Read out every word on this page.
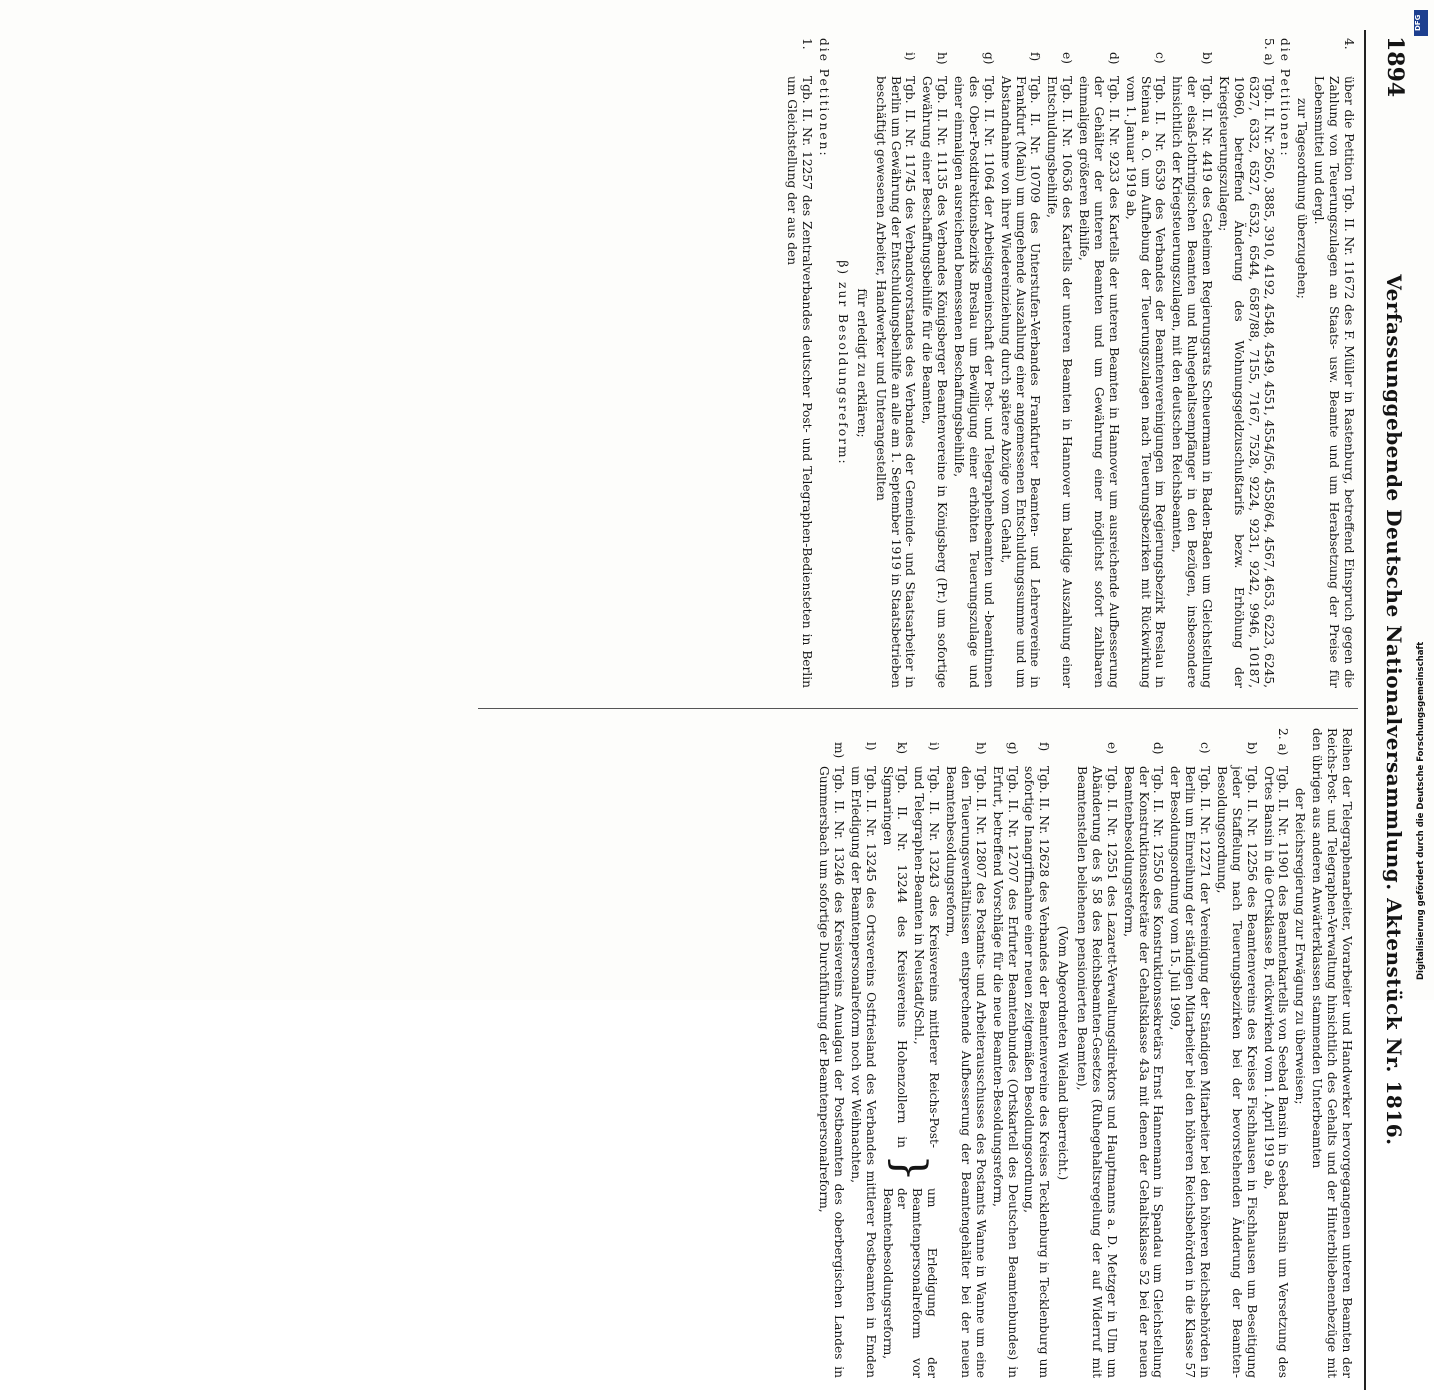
1894
Verfassunggebende Deutsche Nationalversammlung. Aktenstück Nr. 1816.
4.
über die Petition Tgb. II. Nr. 11672 des F. Müller in Rastenburg, betreffend Einspruch gegen die Zahlung von Teuerungszulagen an Staats- usw. Beamte und um Herabsetzung der Preise für Lebensmittel und dergl.
zur Tagesordnung überzugehen;
die Petitionen:
5. a)
Tgb. II. Nr. 2650, 3885, 3910, 4192, 4548, 4549, 4551, 4554/56, 4558/64, 4567, 4653, 6223, 6245, 6327, 6332, 6527, 6532, 6544, 6587/88, 7155, 7167, 7528, 9224, 9231, 9242, 9946, 10187, 10960, betreffend Änderung des Wohnungsgeldzuschußtarifs bezw. Erhöhung der Kriegsteuerungszulagen;
b)
Tgb. II. Nr. 4419 des Geheimen Regierungsrats Scheuermann in Baden-Baden um Gleichstellung der elsaß-lothringischen Beamten und Ruhegehaltsempfänger in den Bezügen, insbesondere hinsichtlich der Kriegsteuerungszulagen, mit den deutschen Reichsbeamten,
c)
Tgb. II. Nr. 6539 des Verbandes der Beamtenvereinigungen im Regierungsbezirk Breslau in Steinau a. O. um Aufhebung der Teuerungszulagen nach Teuerungsbezirken mit Rückwirkung vom 1. Januar 1919 ab,
d)
Tgb. II. Nr. 9233 des Kartells der unteren Beamten in Hannover um ausreichende Aufbesserung der Gehälter der unteren Beamten und um Gewährung einer möglichst sofort zahlbaren einmaligen größeren Beihilfe,
e)
Tgb. II. Nr. 10636 des Kartells der unteren Beamten in Hannover um baldige Auszahlung einer Entschuldungsbeihilfe,
f)
Tgb. II. Nr. 10709 des Unterstufen-Verbandes Frankfurter Beamten- und Lehrervereine in Frankfurt (Main) um umgehende Auszahlung einer angemessenen Entschuldungssumme und um Abstandnahme von ihrer Wiedereinziehung durch spätere Abzüge vom Gehalt,
g)
Tgb. II. Nr. 11064 der Arbeitsgemeinschaft der Post- und Telegraphenbeamten und -beamtinnen des Ober-Postdirektionsbezirks Breslau um Bewilligung einer erhöhten Teuerungszulage und einer einmaligen ausreichend bemessenen Beschaffungsbeihilfe,
h)
Tgb. II. Nr. 11135 des Verbandes Königsberger Beamtenvereine in Königsberg (Pr.) um sofortige Gewährung einer Beschaffungsbeihilfe für die Beamten,
i)
Tgb. II. Nr. 11745 des Verbandsvorstandes des Verbandes der Gemeinde- und Staatsarbeiter in Berlin um Gewährung der Entschuldungsbeihilfe an alle am 1. September 1919 in Staatsbetrieben beschäftigt gewesenen Arbeiter, Handwerker und Unterangestellten
für erledigt zu erklären;
β) zur Besoldungsreform:
die Petitionen:
1.
Tgb. II. Nr. 12257 des Zentralverbandes deutscher Post- und Telegraphen-Bediensteten in Berlin um Gleichstellung der aus den
Reihen der Telegraphenarbeiter, Vorarbeiter und Handwerker hervorgegangenen unteren Beamten der Reichs-Post- und Telegraphen-Verwaltung hinsichtlich des Gehalts und der Hinterbliebenenbezüge mit den übrigen aus anderen Anwärterklassen stammenden Unterbeamten
der Reichsregierung zur Erwägung zu überweisen;
2. a)
Tgb. II. Nr. 11901 des Beamtenkartells von Seebad Bansin in Seebad Bansin um Versetzung des Ortes Bansin in die Ortsklasse B, rückwirkend vom 1. April 1919 ab,
b)
Tgb. II. Nr. 12256 des Beamtenvereins des Kreises Fischhausen in Fischhausen um Beseitigung jeder Staffelung nach Teuerungsbezirken bei der bevorstehenden Änderung der Beamten-Besoldungsordnung,
c)
Tgb. II. Nr. 12271 der Vereinigung der Ständigen Mitarbeiter bei den höheren Reichsbehörden in Berlin um Einreihung der ständigen Mitarbeiter bei den höheren Reichsbehörden in die Klasse 57 der Besoldungsordnung vom 15. Juli 1909,
d)
Tgb. II. Nr. 12550 des Konstruktionssekretärs Ernst Hannemann in Spandau um Gleichstellung der Konstruktionssekretäre der Gehaltsklasse 43a mit denen der Gehaltsklasse 52 bei der neuen Beamtenbesoldungsreform,
e)
Tgb. II. Nr. 12551 des Lazarett-Verwaltungsdirektors und Hauptmanns a. D. Metzger in Ulm um Abänderung des § 58 des Reichsbeamten-Gesetzes (Ruhegehaltsregelung der auf Widerruf mit Beamtenstellen beliehenen pensionierten Beamten),
(Vom Abgeordneten Wieland überreicht.)
f)
Tgb. II. Nr. 12628 des Verbandes der Beamtenvereine des Kreises Tecklenburg in Tecklenburg um sofortige Inangriffnahme einer neuen zeitgemäßen Besoldungsordnung,
g)
Tgb. II. Nr. 12707 des Erfurter Beamtenbundes (Ortskartell des Deutschen Beamtenbundes) in Erfurt, betreffend Vorschläge für die neue Beamten-Besoldungsreform,
h)
Tgb. II. Nr. 12807 des Postamts- und Arbeiterausschusses des Postamts Wanne in Wanne um eine den Teuerungsverhältnissen entsprechende Aufbesserung der Beamtengehälter bei der neuen Beamtenbesoldungsreform,
i)
Tgb. II. Nr. 13243 des Kreisvereins mittlerer Reichs-Post- und Telegraphen-Beamten in Neustadt/Schl.,
k)
Tgb. II. Nr. 13244 des Kreisvereins Hohenzollern in Sigmaringen
}
um Erledigung der Beamtenpersonalreform vor der Beamtenbesoldungsreform,
l)
Tgb. II. Nr. 13245 des Ortsvereins Ostfriesland des Verbandes mittlerer Postbeamten in Emden um Erledigung der Beamtenpersonalreform noch vor Weihnachten,
m)
Tgb. II. Nr. 13246 des Kreisvereins Anualgau der Postbeamten des oberbergischen Landes in Gummersbach um sofortige Durchführung der Beamtenpersonalreform,
DFG
Digitalisierung gefördert durch die Deutsche Forschungsgemeinschaft
